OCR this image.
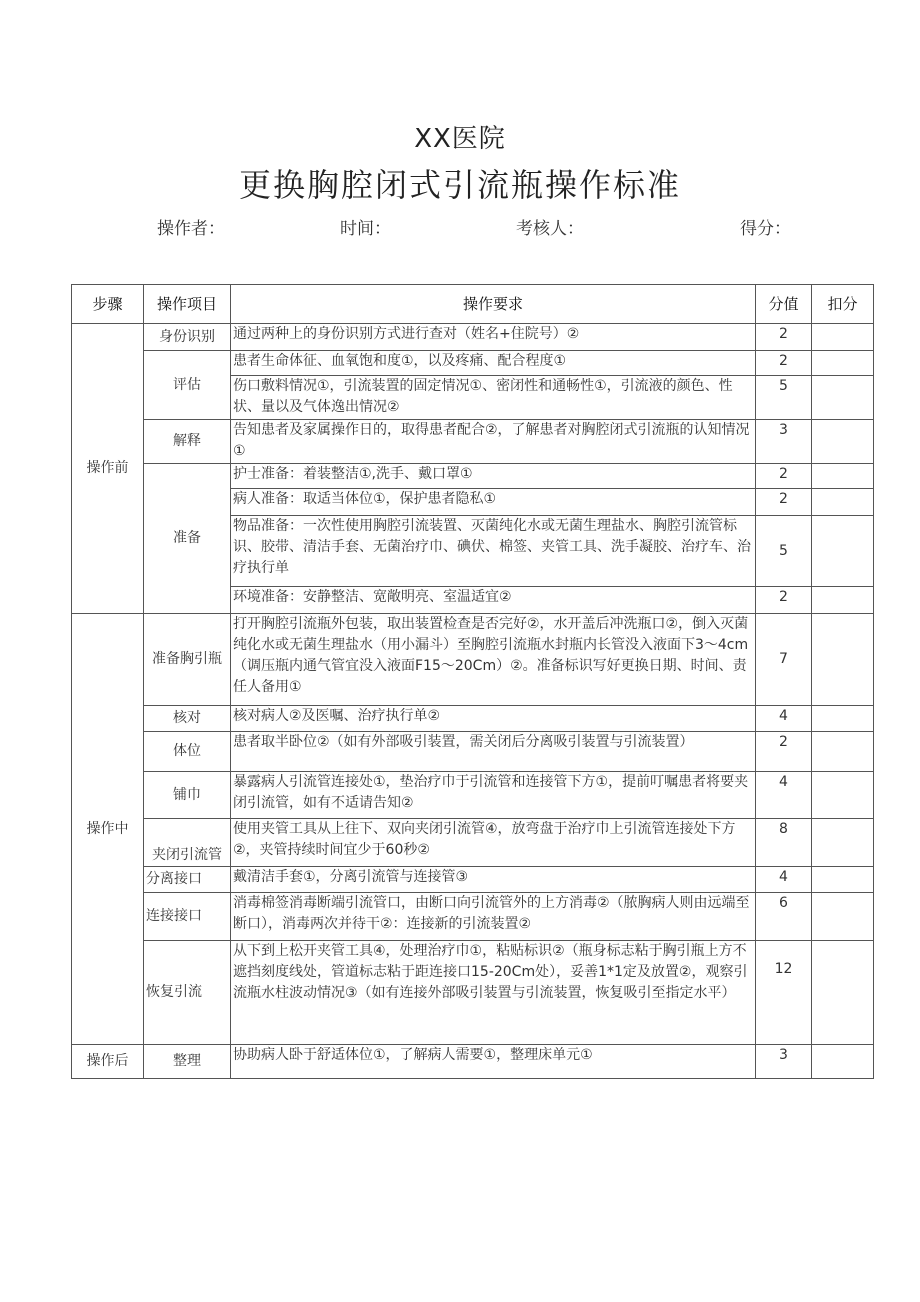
XX医院
更换胸腔闭式引流瓶操作标准
操作者：	时间：	考核人：	得分：
步骤	操作项目	操作要求	分值	扣分
操作前	身份识别	通过两种上的身份识别方式进行查对（姓名+住院号）②	2	
	评估	患者生命体征、血氧饱和度①，以及疼痛、配合程度①	2	
		伤口敷料情况①，引流装置的固定情况①、密闭性和通畅性①，引流液的颜色、性状、量以及气体逸出情况②	5	
	解释	告知患者及家属操作日的，取得患者配合②，了解患者对胸腔闭式引流瓶的认知情况①	3	
	准备	护士准备：着装整洁①,洗手、戴口罩①	2	
		病人准备：取适当体位①，保护患者隐私①	2	
		物品准备：一次性使用胸腔引流装置、灭菌纯化水或无菌生理盐水、胸腔引流管标识、胶带、清洁手套、无菌治疗巾、碘伏、棉签、夹管工具、洗手凝胶、治疗车、治疗执行单	5	
		环境准备：安静整洁、宽敞明亮、室温适宜②	2	
操作中	准备胸引瓶	打开胸腔引流瓶外包装，取出装置检查是否完好②，水开盖后冲洗瓶口②，倒入灭菌纯化水或无菌生理盐水（用小漏斗）至胸腔引流瓶水封瓶内长管没入液面下3～4cm（调压瓶内通气管宜没入液面F15～20Cm）②。准备标识写好更换日期、时间、责任人备用①	7	
	核对	核对病人②及医嘱、治疗执行单②	4	
	体位	患者取半卧位②（如有外部吸引装置，需关闭后分离吸引装置与引流装置）	2	
	铺巾	暴露病人引流管连接处①，垫治疗巾于引流管和连接管下方①，提前叮嘱患者将要夹闭引流管，如有不适请告知②	4	
	夹闭引流管	使用夹管工具从上往下、双向夹闭引流管④，放弯盘于治疗巾上引流管连接处下方②，夹管持续时间宜少于60秒②	8	
	分离接口	戴清洁手套①，分离引流管与连接管③	4	
	连接接口	消毒棉签消毒断端引流管口，由断口向引流管外的上方消毒②（脓胸病人则由远端至断口），消毒两次并待干②：连接新的引流装置②	6	
	恢复引流	从下到上松开夹管工具④，处理治疗巾①，粘贴标识②（瓶身标志粘于胸引瓶上方不遮挡刻度线处，管道标志粘于距连接口15-20Cm处），妥善1*1定及放置②，观察引流瓶水柱波动情况③（如有连接外部吸引装置与引流装置，恢复吸引至指定水平）	12	
操作后	整理	协助病人卧于舒适体位①，了解病人需要①，整理床单元①	3	
